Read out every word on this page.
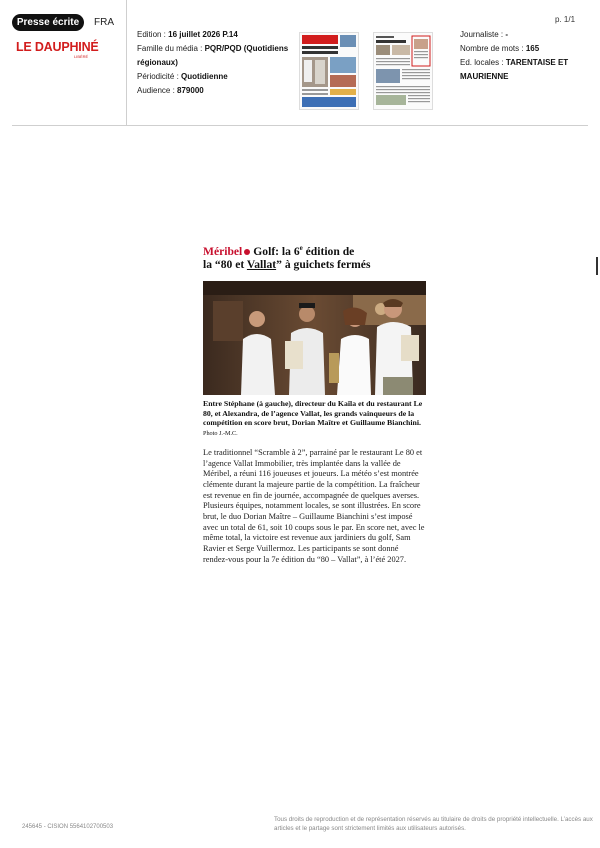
Presse écrite	FRA
LE DAUPHINÉ
LIBÉRÉ
Edition : 16 juillet 2026 P.14
Famille du média : PQR/PQD (Quotidiens régionaux)
Périodicité : Quotidienne
Audience : 879000
p. 1/1
Journaliste : -
Nombre de mots : 165
Ed. locales : TARENTAISE ET MAURIENNE
Méribel Golf: la 6e édition de
la “80 et Vallat” à guichets fermés
Entre Stéphane (à gauche), directeur du Kaïla et du restaurant Le 80, et Alexandra, de l’agence Vallat, les grands vainqueurs de la compétition en score brut, Dorian Maître et Guillaume Bianchini. Photo J.-M.C.
Le traditionnel “Scramble à 2”, parrainé par le restaurant Le 80 et l’agence Vallat Immobilier, très implantée dans la vallée de Méribel, a réuni 116 joueuses et joueurs. La météo s’est montrée clémente durant la majeure partie de la compétition. La fraîcheur est revenue en fin de journée, accompagnée de quelques averses. Plusieurs équipes, notamment locales, se sont illustrées. En score brut, le duo Dorian Maître – Guillaume Bianchini s’est imposé avec un total de 61, soit 10 coups sous le par. En score net, avec le même total, la victoire est revenue aux jardiniers du golf, Sam Ravier et Serge Vuillermoz. Les participants se sont donné rendez-vous pour la 7e édition du “80 – Vallat”, à l’été 2027.
245645 - CISION 5564102700503
Tous droits de reproduction et de représentation réservés au titulaire de droits de propriété intellectuelle. L’accès aux articles et le partage sont strictement limités aux utilisateurs autorisés.
